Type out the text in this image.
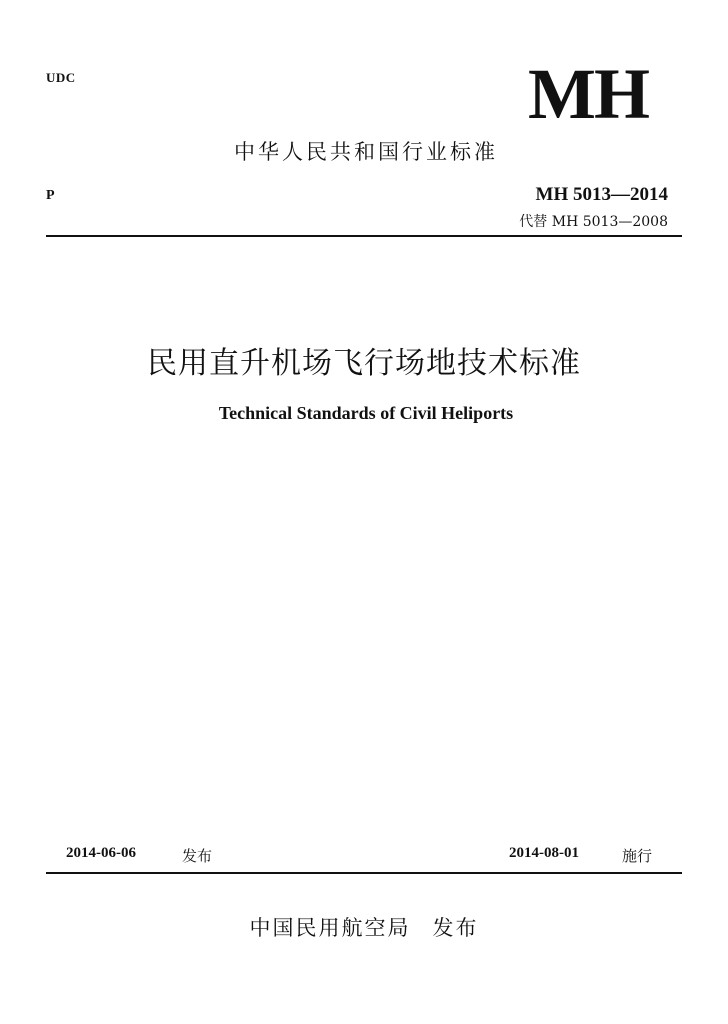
UDC	MH
中华人民共和国行业标准
P	MH 5013—2014
代替 MH 5013—2008
民用直升机场飞行场地技术标准
Technical Standards of Civil Heliports
2014-06-06	发布	2014-08-01	施行
中国民用航空局 发布
